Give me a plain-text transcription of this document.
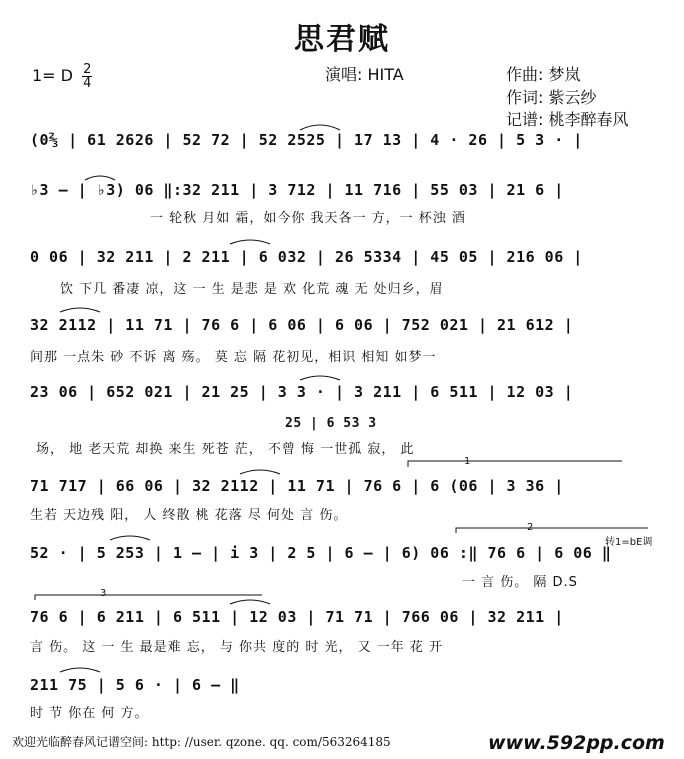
思君赋
1= D $\frac{2}{4}$	演唱: HITA	作曲: 梦岚
作词: 紫云纱
记谱: 桃李醉春风
(0⅔ | 61 2626 | 52 72 | 52 2525 | 17 13 | 4 · 26 | 5 3 · |
♭3 – | ♭3) 06 ‖:32 211 | 3 712 | 11 716 | 55 03 | 21 6 |
一 轮秋 月如 霜，如今你 我天各一 方，一 杯浊 酒
0 06 | 32 211 | 2 211 | 6 032 | 26 5334 | 45 05 | 216 06 |
饮 下几 番凄 凉，这 一 生 是悲 是 欢 化荒 魂 无 处归乡，眉
32 2112 | 11 71 | 76 6 | 6 06 | 6 06 | 752 021 | 21 612 |
间那 一点朱 砂 不诉 离 殇。 莫 忘 隔 花初见，相识 相知 如梦一
23 06 | 652 021 | 21 25 | 3 3 · | 3 211 | 6 511 | 12 03 |
25 | 6 53 3
场， 地 老天荒 却换 来生 死苍 茫， 不曾 悔 一世孤 寂， 此
71 717 | 66 06 | 32 2112 | 11 71 | 76 6 | 6 (06 | 3 36 |
生若 天边残 阳， 人 终散 桃 花落 尽 何处 言 伤。
52 · | 5 253 | 1 – | i 3 | 2 5 | 6 – | 6) 06 :‖ 76 6 | 6 06 ‖
一 言 伤。 隔 D.S
76 6 | 6 211 | 6 511 | 12 03 | 71 71 | 766 06 | 32 211 |
言 伤。 这 一 生 最是难 忘， 与 你共 度的 时 光， 又 一年 花 开
211 75 | 5 6 · | 6 – ‖
时 节 你在 何 方。
1
2
3
转1=bE调
欢迎光临醉春风记谱空间: http: //user. qzone. qq. com/563264185	www.592pp.com
